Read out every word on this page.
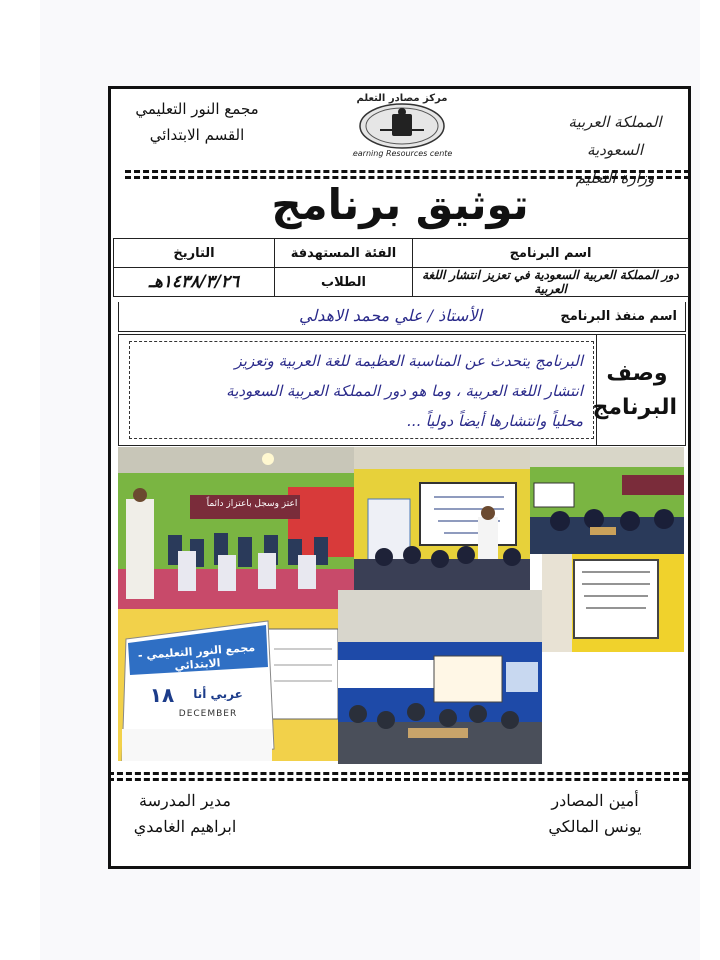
مجمع النور التعليمي
القسم الابتدائي
المملكة العربية السعودية
وزارة التعليم
مركز مصادر التعلم
Learning Resources center
توثيق برنامج
اسم البرنامج	الفئة المستهدفة	التاريخ
دور المملكة العربية السعودية في تعزيز انتشار اللغة العربية	الطلاب	١٤٣٨/٣/٢٦هـ
اسم منفذ البرنامج
الأستاذ / علي محمد الاهدلي
البرنامج يتحدث عن المناسبة العظيمة للغة العربية وتعزيز
انتشار اللغة العربية ، وما هو دور المملكة العربية السعودية
محلياً وانتشارها أيضاً دولياً ...
وصف
البرنامج
اعتز وسجل باعتزاز دائماً
مجمع النور التعليمي - الابتدائي
عربي أنا
١٨
DECEMBER
مدير المدرسة
ابراهيم الغامدي
أمين المصادر
يونس المالكي
